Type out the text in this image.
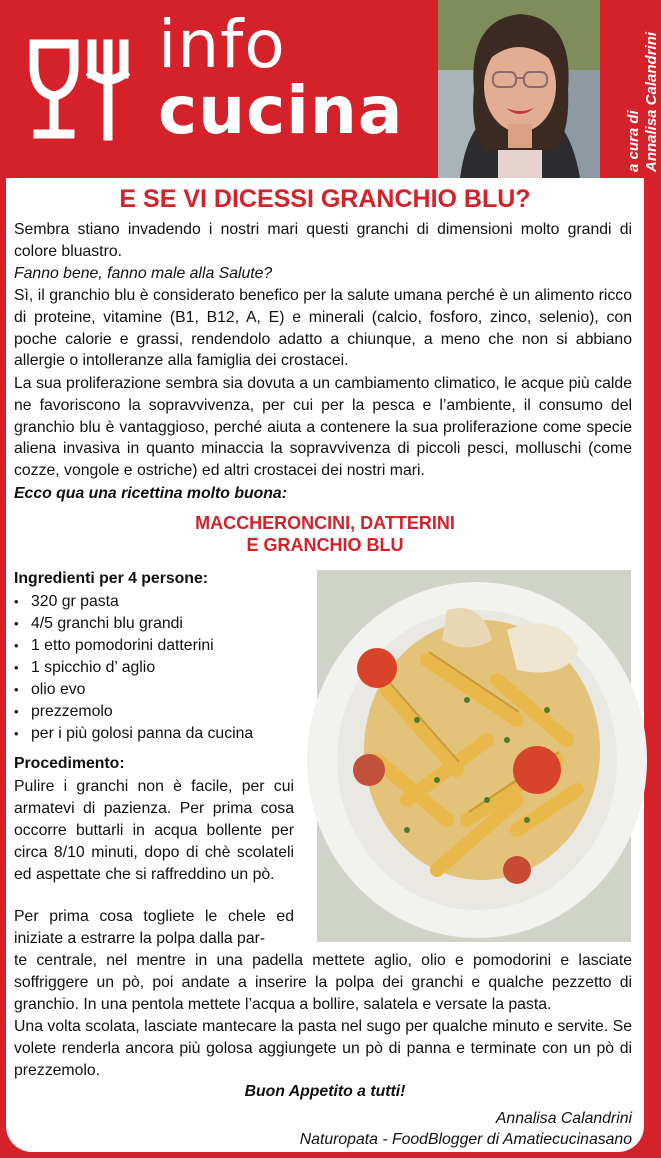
info
cucina	a cura di Annalisa Calandrini
E SE VI DICESSI GRANCHIO BLU?

Sembra stiano invadendo i nostri mari questi granchi di dimensioni molto grandi di colore bluastro.

Fanno bene, fanno male alla Salute?

Sì, il granchio blu è considerato benefico per la salute umana perché è un alimento ricco di proteine, vitamine (B1, B12, A, E) e minerali (calcio, fosforo, zinco, selenio), con poche calorie e grassi, rendendolo adatto a chiunque, a meno che non si abbiano allergie o intolleranze alla famiglia dei crostacei.

La sua proliferazione sembra sia dovuta a un cambiamento climatico, le acque più calde ne favoriscono la sopravvivenza, per cui per la pesca e l’ambiente, il consumo del granchio blu è vantaggioso, perché aiuta a contenere la sua proliferazione come specie aliena invasiva in quanto minaccia la sopravvivenza di piccoli pesci, molluschi (come cozze, vongole e ostriche) ed altri crostacei dei nostri mari.

Ecco qua una ricettina molto buona:

MACCHERONCINI, DATTERINI
E GRANCHIO BLU
Ingredienti per 4 persone:
• 320 gr pasta
• 4/5 granchi blu grandi
• 1 etto pomodorini datterini
• 1 spicchio d’ aglio
• olio evo
• prezzemolo
• per i più golosi panna da cucina
Procedimento:

Pulire i granchi non è facile, per cui armatevi di pazienza. Per prima cosa occorre buttarli in acqua bollente per circa 8/10 minuti, dopo di chè scolateli ed aspettate che si raffreddino un pò.

Per prima cosa togliete le chele ed iniziate a estrarre la polpa dalla par-

te centrale, nel mentre in una padella mettete aglio, olio e pomodorini e lasciate soffriggere un pò, poi andate a inserire la polpa dei granchi e qualche pezzetto di granchio. In una pentola mettete l’acqua a bollire, salatela e versate la pasta.

Una volta scolata, lasciate mantecare la pasta nel sugo per qualche minuto e servite. Se volete renderla ancora più golosa aggiungete un pò di panna e terminate con un pò di prezzemolo.

Buon Appetito a tutti!
Annalisa Calandrini
Naturopata - FoodBlogger di Amatiecucinasano
